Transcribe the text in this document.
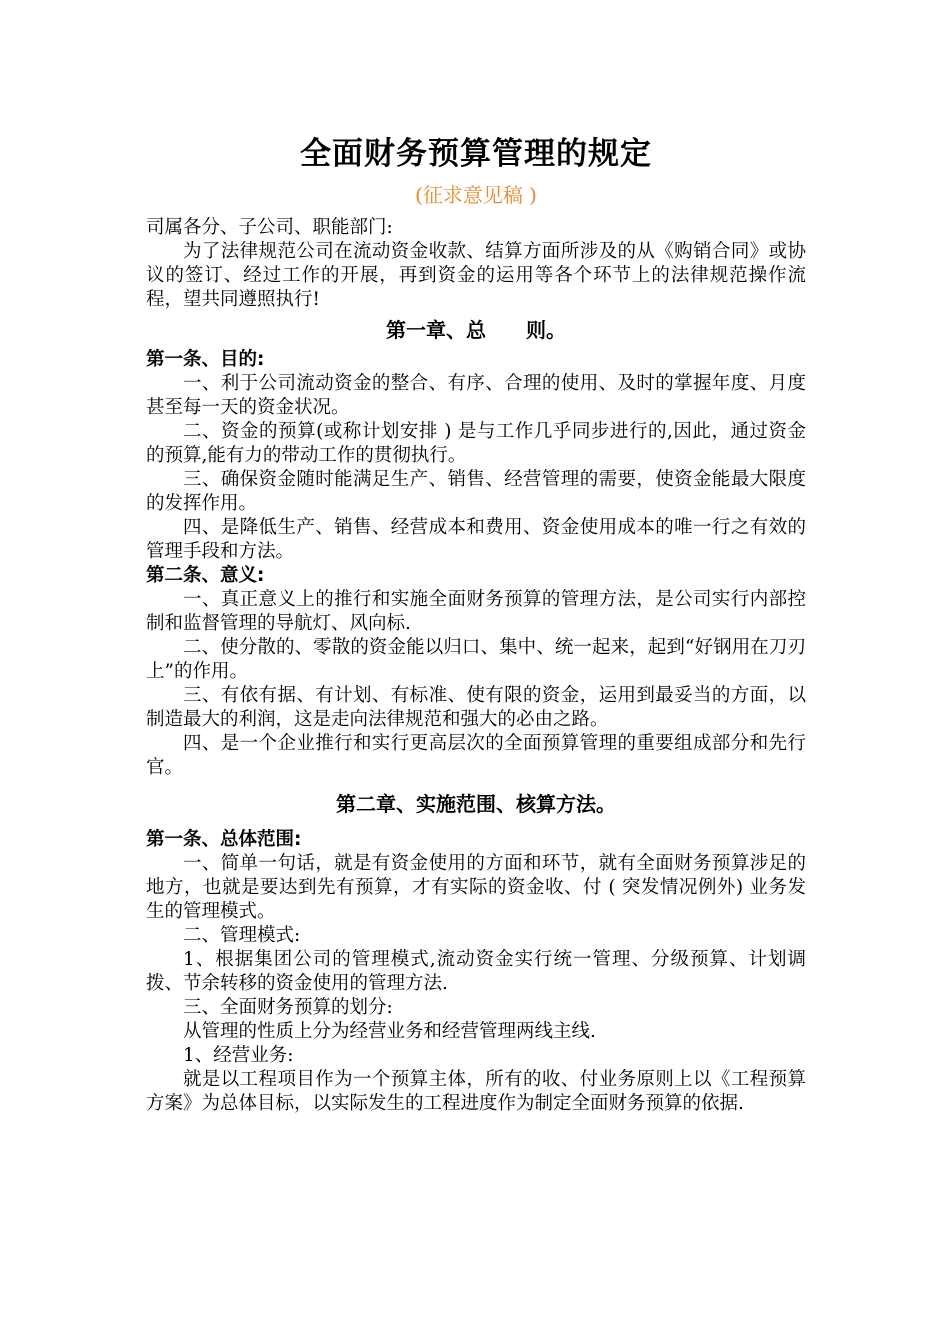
全面财务预算管理的规定
(征求意见稿 )

司属各分、子公司、职能部门:

为了法律规范公司在流动资金收款、结算方面所涉及的从《购销合同》或协议的签订、经过工作的开展，再到资金的运用等各个环节上的法律规范操作流程，望共同遵照执行!

第一章、总　　则。
第一条、目的:

一、利于公司流动资金的整合、有序、合理的使用、及时的掌握年度、月度甚至每一天的资金状况。

二、资金的预算(或称计划安排 ) 是与工作几乎同步进行的,因此，通过资金的预算,能有力的带动工作的贯彻执行。

三、确保资金随时能满足生产、销售、经营管理的需要，使资金能最大限度的发挥作用。

四、是降低生产、销售、经营成本和费用、资金使用成本的唯一行之有效的管理手段和方法。

第二条、意义:

一、真正意义上的推行和实施全面财务预算的管理方法，是公司实行内部控制和监督管理的导航灯、风向标.

二、使分散的、零散的资金能以归口、集中、统一起来，起到“好钢用在刀刃上”的作用。

三、有依有据、有计划、有标准、使有限的资金，运用到最妥当的方面，以制造最大的利润，这是走向法律规范和强大的必由之路。

四、是一个企业推行和实行更高层次的全面预算管理的重要组成部分和先行官。

第二章、实施范围、核算方法。
第一条、总体范围:

一、简单一句话，就是有资金使用的方面和环节，就有全面财务预算涉足的地方，也就是要达到先有预算，才有实际的资金收、付 ( 突发情况例外) 业务发生的管理模式。

二、管理模式:

1、根据集团公司的管理模式,流动资金实行统一管理、分级预算、计划调拨、节余转移的资金使用的管理方法.

三、全面财务预算的划分:

从管理的性质上分为经营业务和经营管理两线主线.

1、经营业务:

就是以工程项目作为一个预算主体，所有的收、付业务原则上以《工程预算方案》为总体目标，以实际发生的工程进度作为制定全面财务预算的依据.
